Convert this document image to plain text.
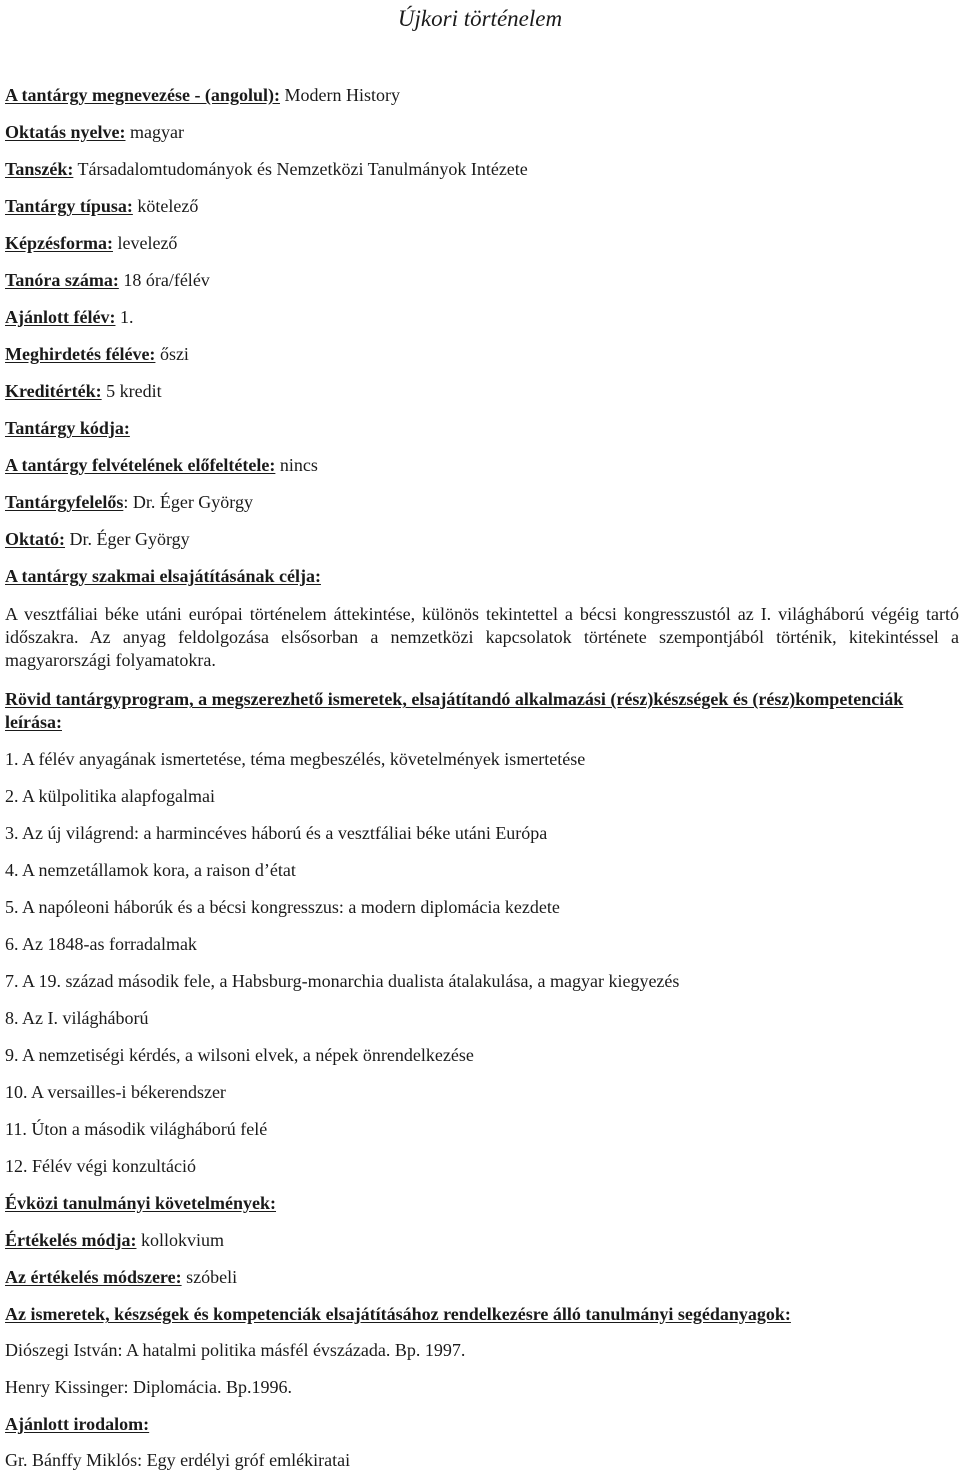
Újkori történelem
A tantárgy megnevezése - (angolul): Modern History
Oktatás nyelve: magyar
Tanszék: Társadalomtudományok és Nemzetközi Tanulmányok Intézete
Tantárgy típusa: kötelező
Képzésforma: levelező
Tanóra száma: 18 óra/félév
Ajánlott félév: 1.
Meghirdetés féléve: őszi
Kreditérték: 5 kredit
Tantárgy kódja:
A tantárgy felvételének előfeltétele: nincs
Tantárgyfelelős: Dr. Éger György
Oktató: Dr. Éger György
A tantárgy szakmai elsajátításának célja:

A vesztfáliai béke utáni európai történelem áttekintése, különös tekintettel a bécsi kongresszustól az I. világháború végéig tartó időszakra. Az anyag feldolgozása elsősorban a nemzetközi kapcsolatok története szempontjából történik, kitekintéssel a magyarországi folyamatokra.

Rövid tantárgyprogram, a megszerezhető ismeretek, elsajátítandó alkalmazási (rész)készségek és (rész)kompetenciák leírása:

1. A félév anyagának ismertetése, téma megbeszélés, követelmények ismertetése
2. A külpolitika alapfogalmai
3. Az új világrend: a harmincéves háború és a vesztfáliai béke utáni Európa
4. A nemzetállamok kora, a raison d’état
5. A napóleoni háborúk és a bécsi kongresszus: a modern diplomácia kezdete
6. Az 1848-as forradalmak
7. A 19. század második fele, a Habsburg-monarchia dualista átalakulása, a magyar kiegyezés
8. Az I. világháború
9. A nemzetiségi kérdés, a wilsoni elvek, a népek önrendelkezése
10. A versailles-i békerendszer
11. Úton a második világháború felé
12. Félév végi konzultáció
Évközi tanulmányi követelmények:
Értékelés módja: kollokvium
Az értékelés módszere: szóbeli
Az ismeretek, készségek és kompetenciák elsajátításához rendelkezésre álló tanulmányi segédanyagok:
Diószegi István: A hatalmi politika másfél évszázada. Bp. 1997.
Henry Kissinger: Diplomácia. Bp.1996.
Ajánlott irodalom:
Gr. Bánffy Miklós: Egy erdélyi gróf emlékiratai
